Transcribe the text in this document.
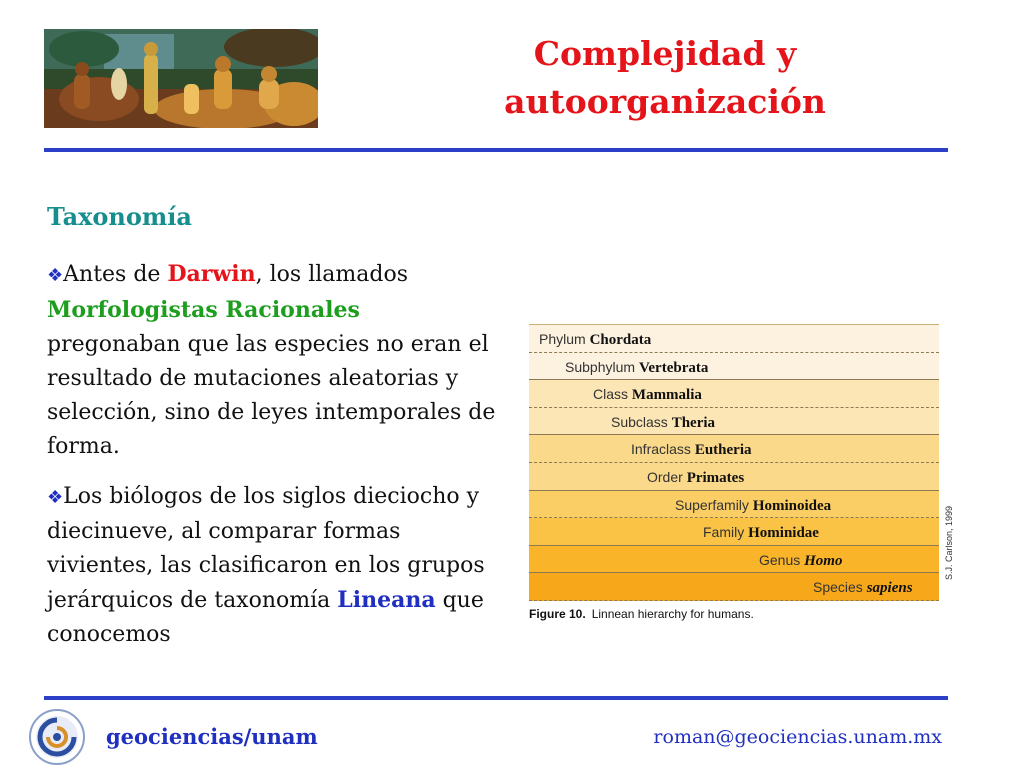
Complejidad y
autoorganización
Taxonomía
❖Antes de Darwin, los llamados
Morfologistas Racionales
pregonaban que las especies no eran el resultado de mutaciones aleatorias y selección, sino de leyes intemporales de forma.
❖Los biólogos de los siglos dieciocho y diecinueve, al comparar formas vivientes, las clasificaron en los grupos jerárquicos de taxonomía Lineana que conocemos
Phylum Chordata
Subphylum Vertebrata
Class Mammalia
Subclass Theria
Infraclass Eutheria
Order Primates
Superfamily Hominoidea
Family Hominidae
Genus Homo
Species sapiens
S.J. Carlson, 1999
Figure 10. Linnean hierarchy for humans.
geociencias/unam	roman@geociencias.unam.mx
